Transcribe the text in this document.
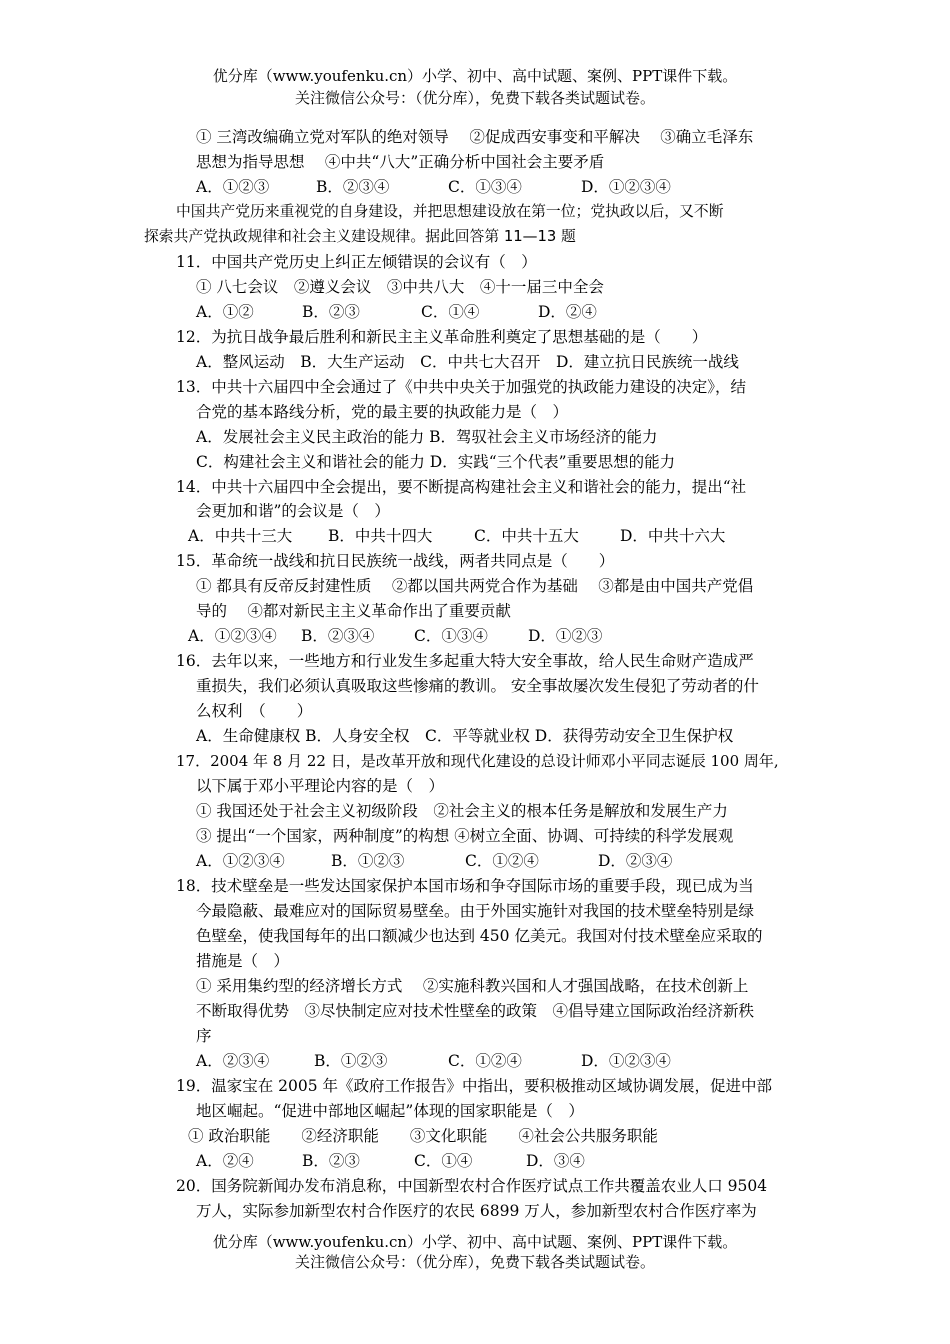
优分库（www.youfenku.cn）小学、初中、高中试题、案例、PPT课件下载。
关注微信公众号：（优分库），免费下载各类试题试卷。
① 三湾改编确立党对军队的绝对领导　 ②促成西安事变和平解决　 ③确立毛泽东
思想为指导思想　 ④中共“八大”正确分析中国社会主要矛盾
A．①②③	B．②③④	C．①③④	D．①②③④
中国共产党历来重视党的自身建设，并把思想建设放在第一位；党执政以后，又不断
探索共产党执政规律和社会主义建设规律。据此回答第 11—13 题
11．中国共产党历史上纠正左倾错误的会议有（　）
① 八七会议　②遵义会议　③中共八大　④十一届三中全会
A．①②	B．②③	C．①④	D．②④
12．为抗日战争最后胜利和新民主主义革命胜利奠定了思想基础的是（　　）
A．整风运动　B．大生产运动　C．中共七大召开　D．建立抗日民族统一战线
13．中共十六届四中全会通过了《中共中央关于加强党的执政能力建设的决定》，结
合党的基本路线分析，党的最主要的执政能力是（　）
A．发展社会主义民主政治的能力 B．驾驭社会主义市场经济的能力
C．构建社会主义和谐社会的能力 D．实践“三个代表”重要思想的能力
14．中共十六届四中全会提出，要不断提高构建社会主义和谐社会的能力，提出“社
会更加和谐”的会议是（　）
A．中共十三大 B．中共十四大	C．中共十五大	D．中共十六大
15．革命统一战线和抗日民族统一战线，两者共同点是（　　）
① 都具有反帝反封建性质　 ②都以国共两党合作为基础　 ③都是由中国共产党倡
导的　 ④都对新民主主义革命作出了重要贡献
A．①②③④ B．②③④	C．①③④	D．①②③
16．去年以来，一些地方和行业发生多起重大特大安全事故，给人民生命财产造成严
重损失，我们必须认真吸取这些惨痛的教训。 安全事故屡次发生侵犯了劳动者的什
么权利　（　　）
A．生命健康权 B．人身安全权　C．平等就业权 D．获得劳动安全卫生保护权
17．2004 年 8 月 22 日，是改革开放和现代化建设的总设计师邓小平同志诞辰 100 周年,
以下属于邓小平理论内容的是（　）
① 我国还处于社会主义初级阶段　②社会主义的根本任务是解放和发展生产力
③ 提出“一个国家，两种制度”的构想 ④树立全面、协调、可持续的科学发展观
A．①②③④	B．①②③	C．①②④	D．②③④
18．技术壁垒是一些发达国家保护本国市场和争夺国际市场的重要手段，现已成为当
今最隐蔽、最难应对的国际贸易壁垒。由于外国实施针对我国的技术壁垒特别是绿
色壁垒，使我国每年的出口额减少也达到 450 亿美元。我国对付技术壁垒应采取的
措施是（　）
① 采用集约型的经济增长方式　 ②实施科教兴国和人才强国战略，在技术创新上
不断取得优势　③尽快制定应对技术性壁垒的政策　④倡导建立国际政治经济新秩
序
A．②③④	B．①②③	C．①②④	D．①②③④
19．温家宝在 2005 年《政府工作报告》中指出，要积极推动区域协调发展，促进中部
地区崛起。“促进中部地区崛起”体现的国家职能是（　）
① 政治职能　　②经济职能　　③文化职能　　④社会公共服务职能
A．②④	B．②③	C．①④	D．③④
20．国务院新闻办发布消息称，中国新型农村合作医疗试点工作共覆盖农业人口 9504
万人，实际参加新型农村合作医疗的农民 6899 万人，参加新型农村合作医疗率为
优分库（www.youfenku.cn）小学、初中、高中试题、案例、PPT课件下载。
关注微信公众号：（优分库），免费下载各类试题试卷。
